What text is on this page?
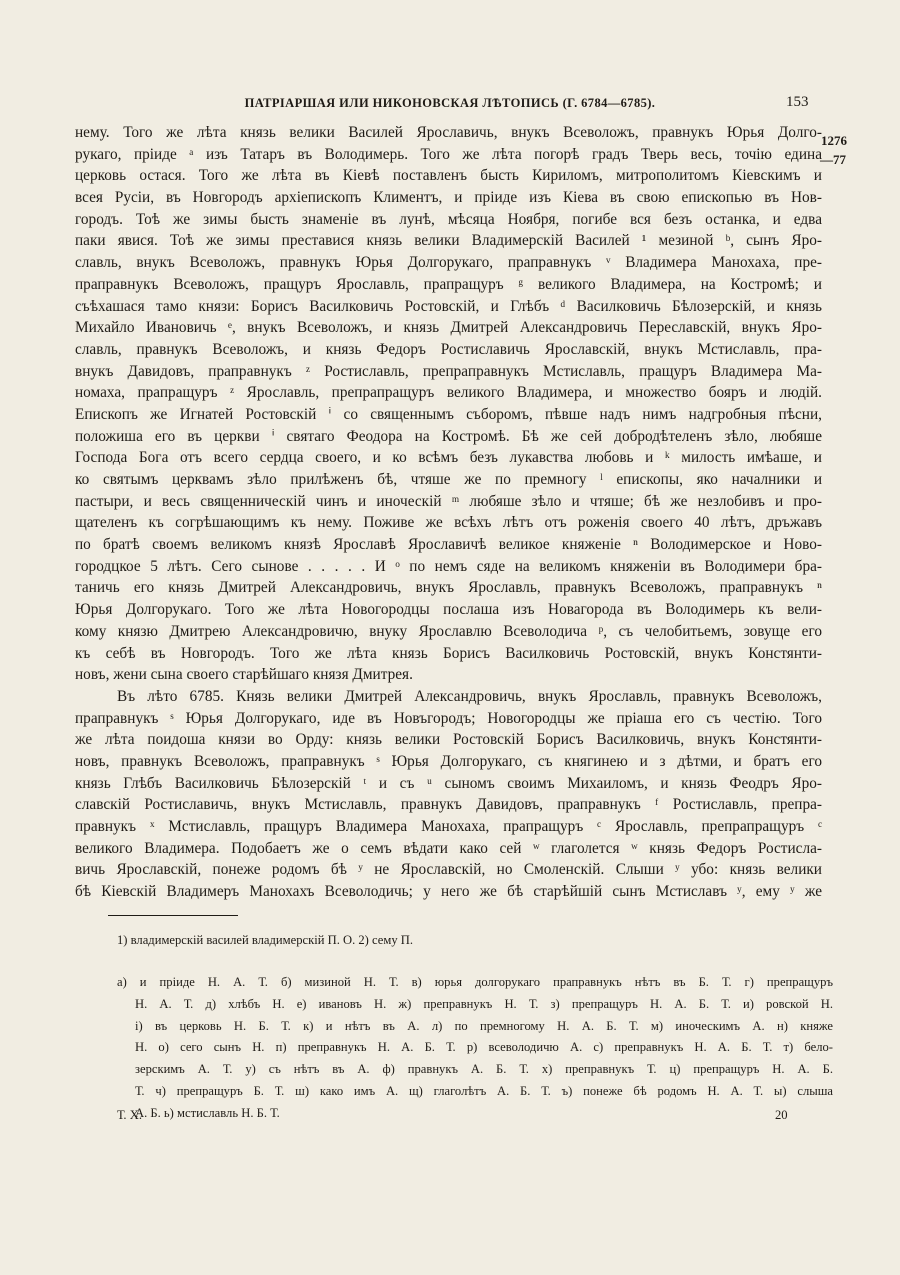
ПАТРІАРШАЯ ИЛИ НИКОНОВСКАЯ ЛѢТОПИСЬ (Г. 6784—6785).	153
1276
—77
нему. Того же лѣта князь велики Василей Ярославичь, внукъ Всеволожъ, правнукъ Юрья Долго-
рукаго, пріиде ᵃ изъ Татаръ въ Володимерь. Того же лѣта погорѣ градъ Тверь весь, точію едина
церковь остася. Того же лѣта въ Кіевѣ поставленъ бысть Кириломъ, митрополитомъ Кіевскимъ и
всея Русіи, въ Новгородъ архіепископъ Климентъ, и пріиде изъ Кіева въ свою епископью въ Нов-
городъ. Тоѣ же зимы бысть знаменіе въ лунѣ, мѣсяца Ноября, погибе вся безъ останка, и едва
паки явися. Тоѣ же зимы преставися князь велики Владимерскій Василей ¹ мезиной ᵇ, сынъ Яро-
славль, внукъ Всеволожъ, правнукъ Юрья Долгорукаго, праправнукъ ᵛ Владимера Манохаха, пре-
праправнукъ Всеволожъ, пращуръ Ярославль, прапращуръ ᵍ великого Владимера, на Костромѣ; и
съѣхашася тамо князи: Борисъ Василковичь Ростовскій, и Глѣбъ ᵈ Василковичь Бѣлозерскій, и князь
Михайло Ивановичь ᵉ, внукъ Всеволожъ, и князь Дмитрей Александровичь Переславскій, внукъ Яро-
славль, правнукъ Всеволожъ, и князь Федоръ Ростиславичь Ярославскій, внукъ Мстиславль, пра-
внукъ Давидовъ, праправнукъ ᶻ Ростиславль, препраправнукъ Мстиславль, пращуръ Владимера Ма-
номаха, прапращуръ ᶻ Ярославль, препрапращуръ великого Владимера, и множество бояръ и людій.
Епископъ же Игнатей Ростовскій ⁱ со священнымъ съборомъ, пѣвше надъ нимъ надгробныя пѣсни,
положиша его въ церкви ⁱ святаго Феодора на Костромѣ. Бѣ же сей добродѣтеленъ зѣло, любяше
Господа Бога отъ всего сердца своего, и ко всѣмъ безъ лукавства любовь и ᵏ милость имѣаше, и
ко святымъ церквамъ зѣло прилѣженъ бѣ, чтяше же по премногу ˡ епископы, яко началники и
пастыри, и весь священническій чинъ и иноческій ᵐ любяше зѣло и чтяше; бѣ же незлобивъ и про-
щателенъ къ согрѣшающимъ къ нему. Поживе же всѣхъ лѣтъ отъ роженія своего 40 лѣтъ, дръжавъ
по братѣ своемъ великомъ князѣ Ярославѣ Ярославичѣ великое княженіе ⁿ Володимерское и Ново-
городцкое 5 лѣтъ. Сего сынове . . . . . И ᵒ по немъ сяде на великомъ княженіи въ Володимери бра-
таничь его князь Дмитрей Александровичь, внукъ Ярославль, правнукъ Всеволожъ, праправнукъ ⁿ
Юрья Долгорукаго. Того же лѣта Новогородцы послаша изъ Новагорода въ Володимерь къ вели-
кому князю Дмитрею Александровичю, внуку Ярославлю Всеволодича ᵖ, съ челобитьемъ, зовуще его
къ себѣ въ Новгородъ. Того же лѣта князь Борисъ Василковичь Ростовскій, внукъ Констянти-
новъ, жени сына своего старѣйшаго князя Дмитрея.
Въ лѣто 6785. Князь велики Дмитрей Александровичь, внукъ Ярославль, правнукъ Всеволожъ,
праправнукъ ˢ Юрья Долгорукаго, иде въ Новъгородъ; Новогородцы же пріаша его съ честію. Того
же лѣта поидоша князи во Орду: князь велики Ростовскій Борисъ Василковичь, внукъ Констянти-
новъ, правнукъ Всеволожъ, праправнукъ ˢ Юрья Долгорукаго, съ княгинею и з дѣтми, и братъ его
князь Глѣбъ Василковичь Бѣлозерскій ᵗ и съ ᵘ сыномъ своимъ Михаиломъ, и князь Феодръ Яро-
славскій Ростиславичь, внукъ Мстиславль, правнукъ Давидовъ, праправнукъ ᶠ Ростиславль, препра-
правнукъ ˣ Мстиславль, пращуръ Владимера Манохаха, прапращуръ ᶜ Ярославль, препрапращуръ ᶜ
великого Владимера. Подобаетъ же о семъ вѣдати како сей ʷ глаголется ʷ князь Федоръ Ростисла-
вичь Ярославскій, понеже родомъ бѣ ʸ не Ярославскій, но Смоленскій. Слыши ʸ убо: князь велики
бѣ Кіевскій Владимеръ Манохахъ Всеволодичь; у него же бѣ старѣйшій сынъ Мстиславъ ʸ, ему ʸ же
1) владимерскій василей владимерскій П. О. 2) сему П.
а) и пріиде Н. А. Т. б) мизиной Н. Т. в) юрья долгорукаго праправнукъ нѣтъ въ Б. Т. г) препращуръ
Н. А. Т. д) хлѣбъ Н. е) ивановъ Н. ж) преправнукъ Н. Т. з) препращуръ Н. А. Б. Т. и) ровской Н.
і) въ церковь Н. Б. Т. к) и нѣтъ въ А. л) по премногому Н. А. Б. Т. м) иноческимъ А. н) княже
Н. о) сего сынъ Н. п) преправнукъ Н. А. Б. Т. р) всеволодичю А. с) преправнукъ Н. А. Б. Т. т) бело-
зерскимъ А. Т. у) съ нѣтъ въ А. ф) правнукъ А. Б. Т. х) преправнукъ Т. ц) препращуръ Н. А. Б.
Т. ч) препращуръ Б. Т. ш) како имъ А. щ) глаголѣтъ А. Б. Т. ъ) понеже бѣ родомъ Н. А. Т. ы) слыша
А. Б. ь) мстиславль Н. Б. Т.
Т. Х.	20
